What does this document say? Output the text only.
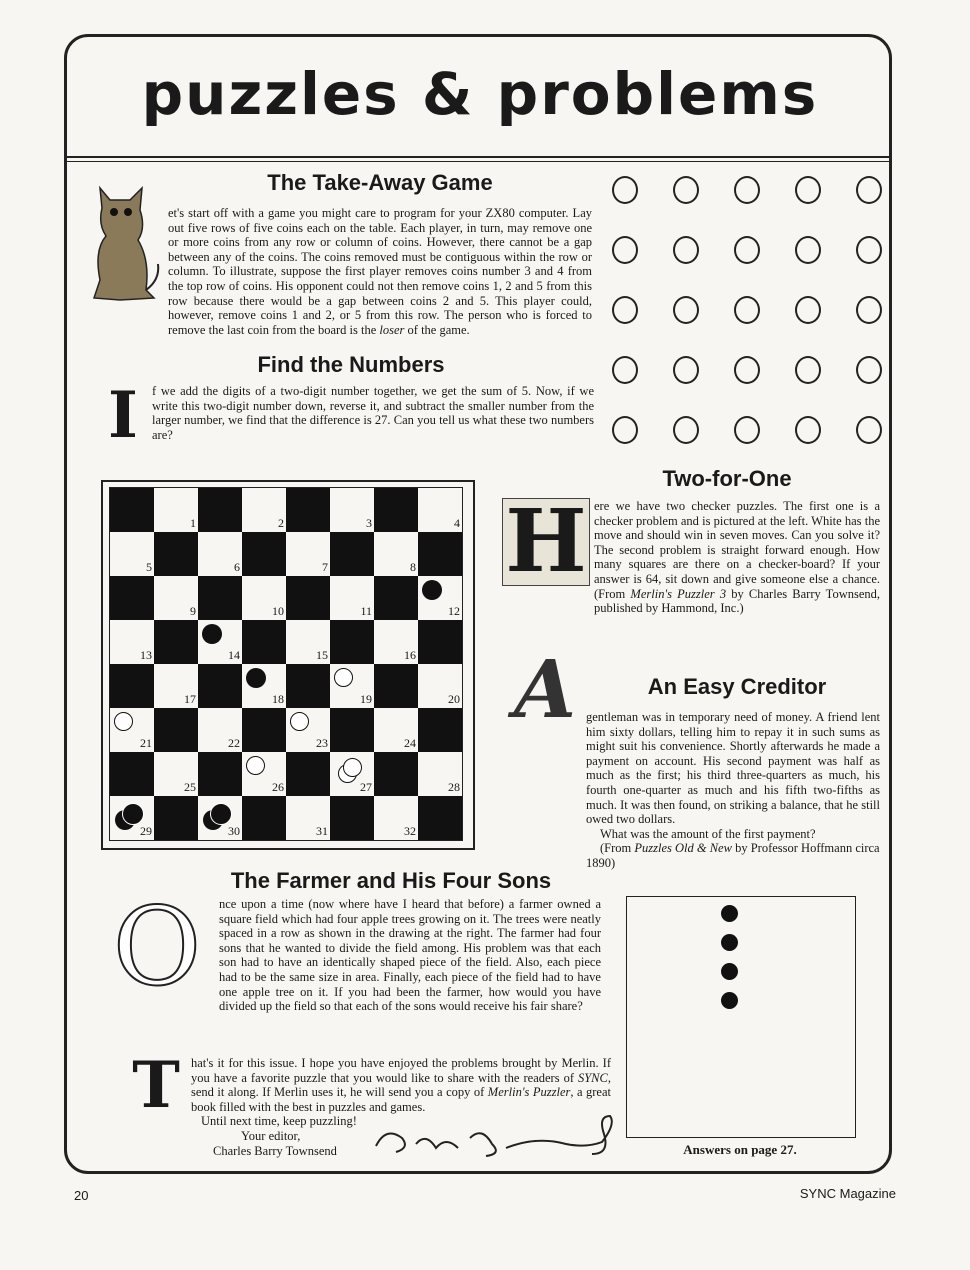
puzzles & problems
The Take-Away Game

et's start off with a game you might care to program for your ZX80 computer. Lay out five rows of five coins each on the table. Each player, in turn, may remove one or more coins from any row or column of coins. However, there cannot be a gap between any of the coins. The coins removed must be contiguous within the row or column. To illustrate, suppose the first player removes coins number 3 and 4 from the top row of coins. His opponent could not then remove coins 1, 2 and 5 from this row because there would be a gap between coins 2 and 5. This player could, however, remove coins 1 and 2, or 5 from this row. The person who is forced to remove the last coin from the board is the loser of the game.

Find the Numbers
I	f we add the digits of a two-digit number together, we get the sum of 5. Now, if we write this two-digit number down, reverse it, and subtract the smaller number from the larger number, we find that the difference is 27. Can you tell us what these two numbers are?

1	2	3	4
5	6	7	8
9	10	11	12
13	14	15	16
17	18	19	20
21	22	23	24
25	26	27	28
29	30	31	32
Two-for-One
H ere we have two checker puzzles. The first one is a checker problem and is pictured at the left. White has the move and should win in seven moves. Can you solve it? The second problem is straight forward enough. How many squares are there on a checker-board? If your answer is 64, sit down and give someone else a chance. (From Merlin's Puzzler 3 by Charles Barry Townsend, published by Hammond, Inc.)

A	An Easy Creditor

gentleman was in temporary need of money. A friend lent him sixty dollars, telling him to repay it in such sums as might suit his convenience. Shortly afterwards he made a payment on account. His second payment was half as much as the first; his third three-quarters as much, his fourth one-quarter as much and his fifth two-fifths as much. It was then found, on striking a balance, that he still owed two dollars.

What was the amount of the first payment?

(From Puzzles Old & New by Professor Hoffmann circa 1890)

The Farmer and His Four Sons
O	nce upon a time (now where have I heard that before) a farmer owned a square field which had four apple trees growing on it. The trees were neatly spaced in a row as shown in the drawing at the right. The farmer had four sons that he wanted to divide the field among. His problem was that each son had to have an identically shaped piece of the field. Also, each piece had to be the same size in area. Finally, each piece of the field had to have one apple tree on it. If you had been the farmer, how would you have divided up the field so that each of the sons would receive his fair share?

T hat's it for this issue. I hope you have enjoyed the problems brought by Merlin. If you have a favorite puzzle that you would like to share with the readers of SYNC, send it along. If Merlin uses it, he will send you a copy of Merlin's Puzzler, a great book filled with the best in puzzles and games.

Until next time, keep puzzling!

Your editor,

Charles Barry Townsend	Answers on page 27.
20	SYNC Magazine
